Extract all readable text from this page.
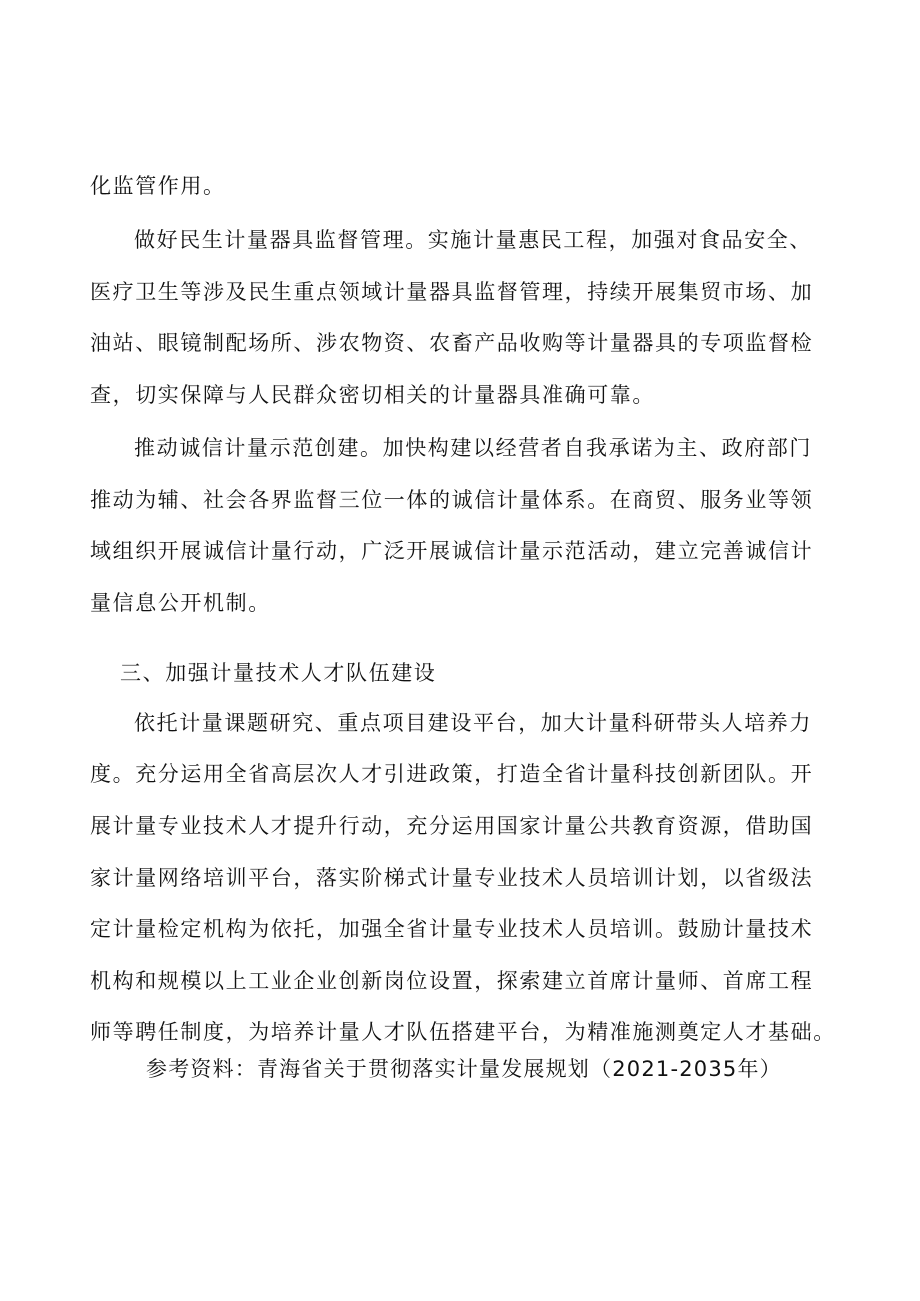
化监管作用。
做好民生计量器具监督管理。实施计量惠民工程，加强对食品安全、
医疗卫生等涉及民生重点领域计量器具监督管理，持续开展集贸市场、加
油站、眼镜制配场所、涉农物资、农畜产品收购等计量器具的专项监督检
查，切实保障与人民群众密切相关的计量器具准确可靠。
推动诚信计量示范创建。加快构建以经营者自我承诺为主、政府部门
推动为辅、社会各界监督三位一体的诚信计量体系。在商贸、服务业等领
域组织开展诚信计量行动，广泛开展诚信计量示范活动，建立完善诚信计
量信息公开机制。
三、加强计量技术人才队伍建设
依托计量课题研究、重点项目建设平台，加大计量科研带头人培养力
度。充分运用全省高层次人才引进政策，打造全省计量科技创新团队。开
展计量专业技术人才提升行动，充分运用国家计量公共教育资源，借助国
家计量网络培训平台，落实阶梯式计量专业技术人员培训计划，以省级法
定计量检定机构为依托，加强全省计量专业技术人员培训。鼓励计量技术
机构和规模以上工业企业创新岗位设置，探索建立首席计量师、首席工程
师等聘任制度，为培养计量人才队伍搭建平台，为精准施测奠定人才基础。
参考资料：青海省关于贯彻落实计量发展规划（2021-2035年）
